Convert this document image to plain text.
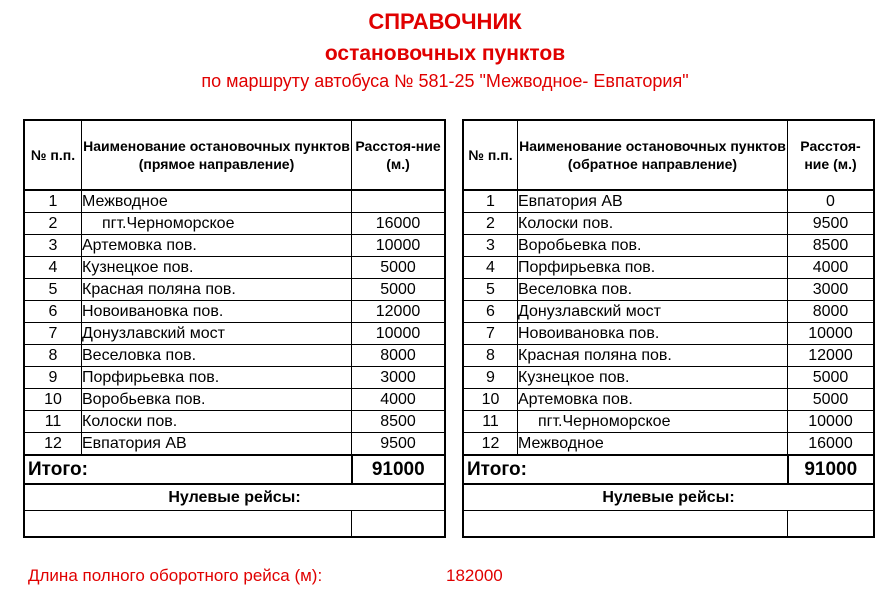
СПРАВОЧНИК
остановочных пунктов
по маршруту автобуса № 581-25 "Межводное- Евпатория"
№ п.п.	Наименование остановочных пунктов (прямое направление)	Расстоя-ние (м.)
1	Межводное	
2	пгт.Черноморское	16000
3	Артемовка пов.	10000
4	Кузнецкое пов.	5000
5	Красная поляна пов.	5000
6	Новоивановка пов.	12000
7	Донузлавский мост	10000
8	Веселовка пов.	8000
9	Порфирьевка пов.	3000
10	Воробьевка пов.	4000
11	Колоски пов.	8500
12	Евпатория АВ	9500
Итого:		91000
Нулевые рейсы:		

№ п.п.	Наименование остановочных пунктов (обратное направление)	Расстоя-ние (м.)
1	Евпатория АВ	0
2	Колоски пов.	9500
3	Воробьевка пов.	8500
4	Порфирьевка пов.	4000
5	Веселовка пов.	3000
6	Донузлавский мост	8000
7	Новоивановка пов.	10000
8	Красная поляна пов.	12000
9	Кузнецкое пов.	5000
10	Артемовка пов.	5000
11	пгт.Черноморское	10000
12	Межводное	16000
Итого:		91000
Нулевые рейсы:		

Длина полного оборотного рейса (м):	182000
